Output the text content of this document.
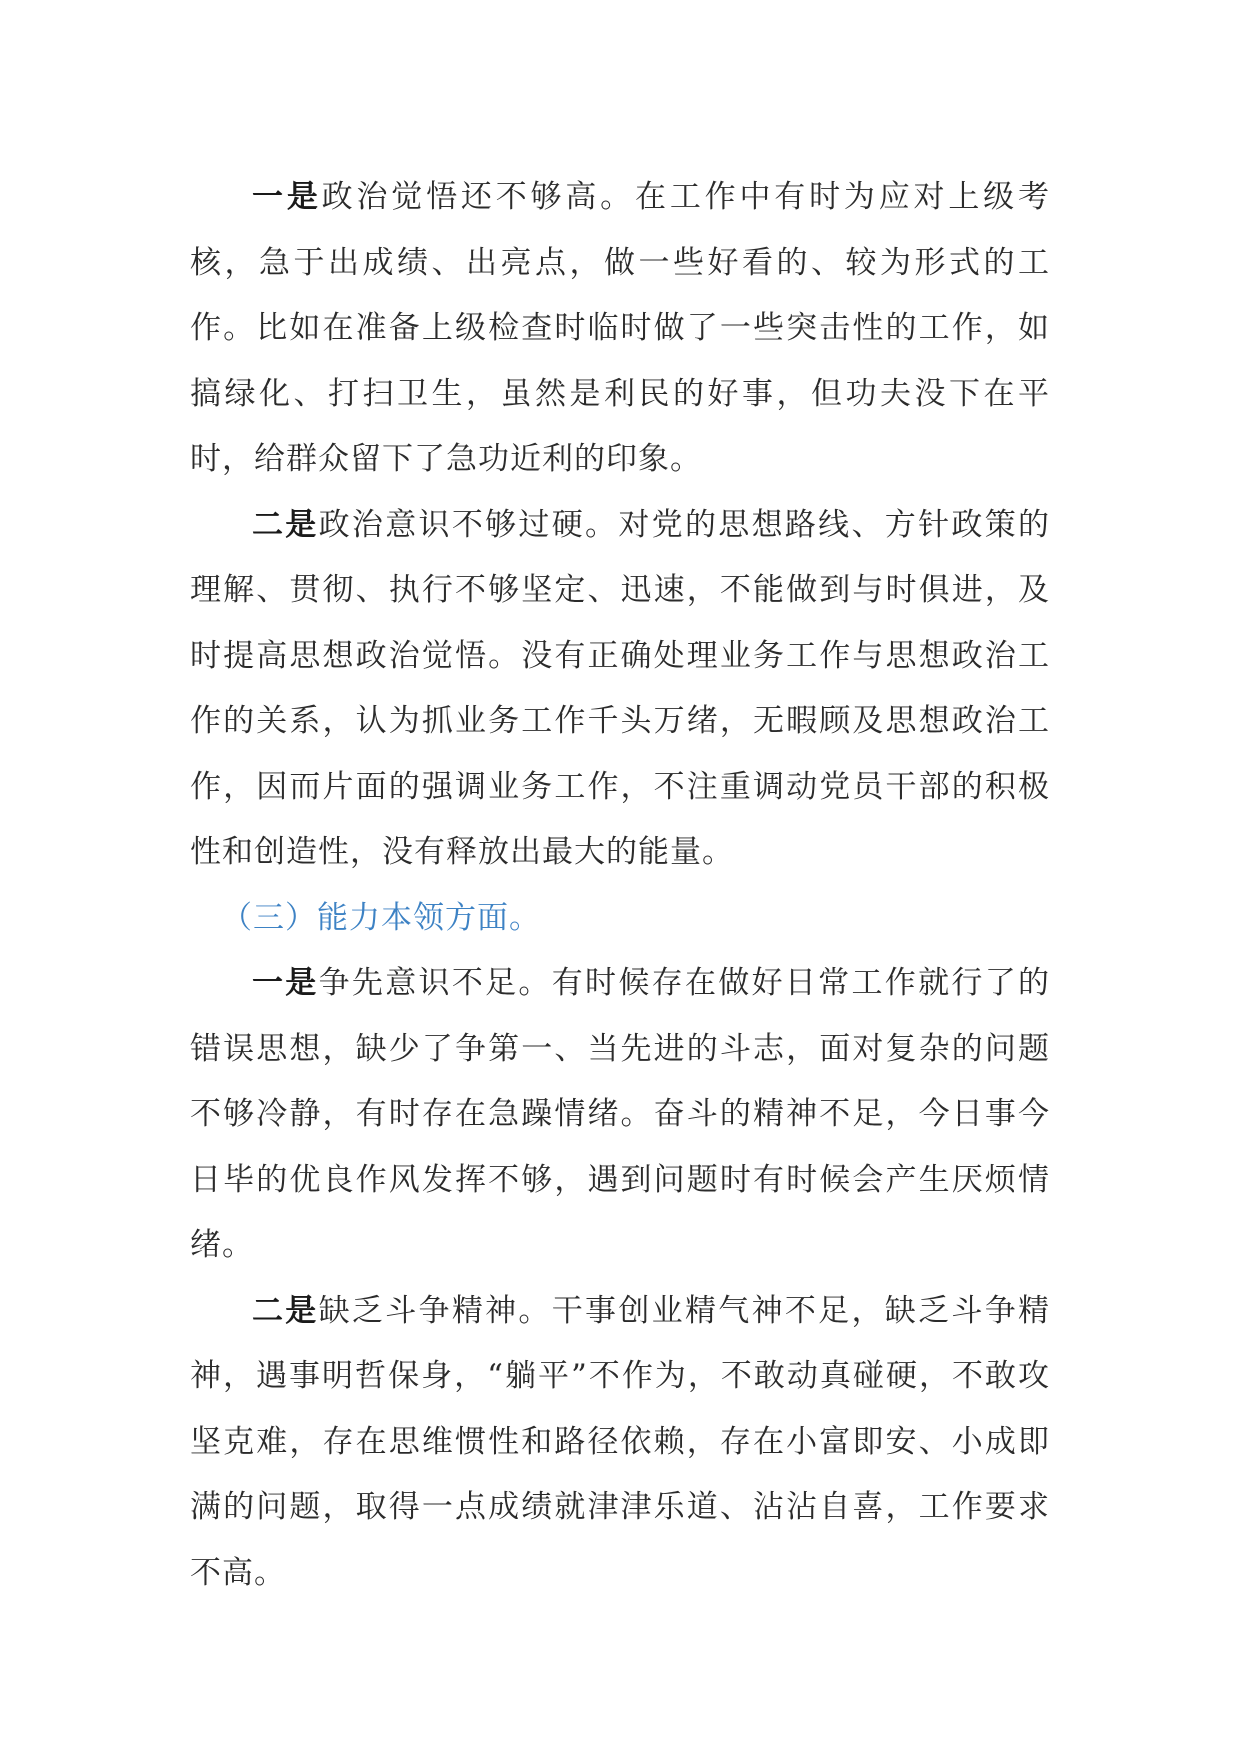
一是政治觉悟还不够高。在工作中有时为应对上级考核，急于出成绩、出亮点，做一些好看的、较为形式的工作。比如在准备上级检查时临时做了一些突击性的工作，如搞绿化、打扫卫生，虽然是利民的好事，但功夫没下在平时，给群众留下了急功近利的印象。

二是政治意识不够过硬。对党的思想路线、方针政策的理解、贯彻、执行不够坚定、迅速，不能做到与时俱进，及时提高思想政治觉悟。没有正确处理业务工作与思想政治工作的关系，认为抓业务工作千头万绪，无暇顾及思想政治工作，因而片面的强调业务工作，不注重调动党员干部的积极性和创造性，没有释放出最大的能量。

（三）能力本领方面。

一是争先意识不足。有时候存在做好日常工作就行了的错误思想，缺少了争第一、当先进的斗志，面对复杂的问题不够冷静，有时存在急躁情绪。奋斗的精神不足，今日事今日毕的优良作风发挥不够，遇到问题时有时候会产生厌烦情绪。

二是缺乏斗争精神。干事创业精气神不足，缺乏斗争精神，遇事明哲保身，“躺平”不作为，不敢动真碰硬，不敢攻坚克难，存在思维惯性和路径依赖，存在小富即安、小成即满的问题，取得一点成绩就津津乐道、沾沾自喜，工作要求不高。
